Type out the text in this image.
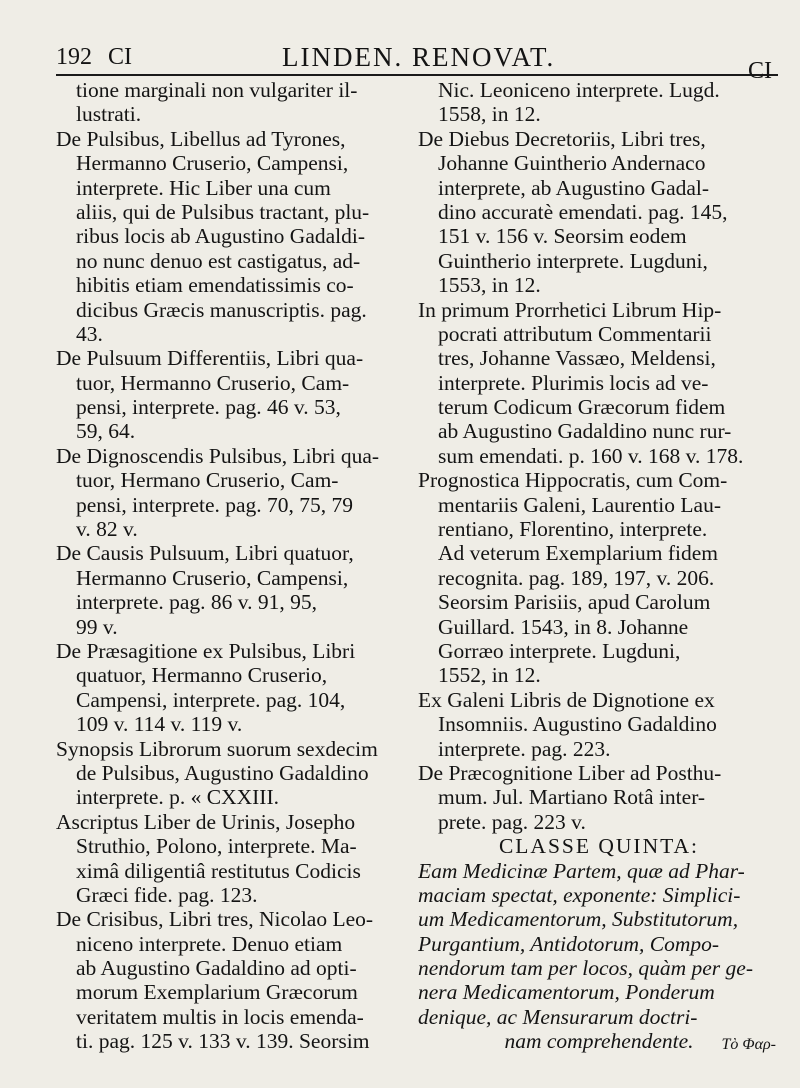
192 CI	LINDEN. RENOVAT.	CI
tione marginali non vulgariter il-
lustrati.
De Pulsibus, Libellus ad Tyrones,
Hermanno Cruserio, Campensi,
interprete. Hic Liber una cum
aliis, qui de Pulsibus tractant, plu-
ribus locis ab Augustino Gadaldi-
no nunc denuo est castigatus, ad-
hibitis etiam emendatissimis co-
dicibus Græcis manuscriptis. pag.
43.
De Pulsuum Differentiis, Libri qua-
tuor, Hermanno Cruserio, Cam-
pensi, interprete. pag. 46 v. 53,
59, 64.
De Dignoscendis Pulsibus, Libri qua-
tuor, Hermano Cruserio, Cam-
pensi, interprete. pag. 70, 75, 79
v. 82 v.
De Causis Pulsuum, Libri quatuor,
Hermanno Cruserio, Campensi,
interprete. pag. 86 v. 91, 95,
99 v.
De Præsagitione ex Pulsibus, Libri
quatuor, Hermanno Cruserio,
Campensi, interprete. pag. 104,
109 v. 114 v. 119 v.
Synopsis Librorum suorum sexdecim
de Pulsibus, Augustino Gadaldino
interprete. p. « CXXIII.
Ascriptus Liber de Urinis, Josepho
Struthio, Polono, interprete. Ma-
ximâ diligentiâ restitutus Codicis
Græci fide. pag. 123.
De Crisibus, Libri tres, Nicolao Leo-
niceno interprete. Denuo etiam
ab Augustino Gadaldino ad opti-
morum Exemplarium Græcorum
veritatem multis in locis emenda-
ti. pag. 125 v. 133 v. 139. Seorsim
Nic. Leoniceno interprete. Lugd.
1558, in 12.
De Diebus Decretoriis, Libri tres,
Johanne Guintherio Andernaco
interprete, ab Augustino Gadal-
dino accuratè emendati. pag. 145,
151 v. 156 v. Seorsim eodem
Guintherio interprete. Lugduni,
1553, in 12.
In primum Prorrhetici Librum Hip-
pocrati attributum Commentarii
tres, Johanne Vassæo, Meldensi,
interprete. Plurimis locis ad ve-
terum Codicum Græcorum fidem
ab Augustino Gadaldino nunc rur-
sum emendati. p. 160 v. 168 v. 178.
Prognostica Hippocratis, cum Com-
mentariis Galeni, Laurentio Lau-
rentiano, Florentino, interprete.
Ad veterum Exemplarium fidem
recognita. pag. 189, 197, v. 206.
Seorsim Parisiis, apud Carolum
Guillard. 1543, in 8. Johanne
Gorræo interprete. Lugduni,
1552, in 12.
Ex Galeni Libris de Dignotione ex
Insomniis. Augustino Gadaldino
interprete. pag. 223.
De Præcognitione Liber ad Posthu-
mum. Jul. Martiano Rotâ inter-
prete. pag. 223 v.
CLASSE QUINTA:
Eam Medicinæ Partem, quæ ad Phar-
maciam spectat, exponente: Simplici-
um Medicamentorum, Substitutorum,
Purgantium, Antidotorum, Compo-
nendorum tam per locos, quàm per ge-
nera Medicamentorum, Ponderum
denique, ac Mensurarum doctri-
nam comprehendente.	Τὸ Φαρ-
